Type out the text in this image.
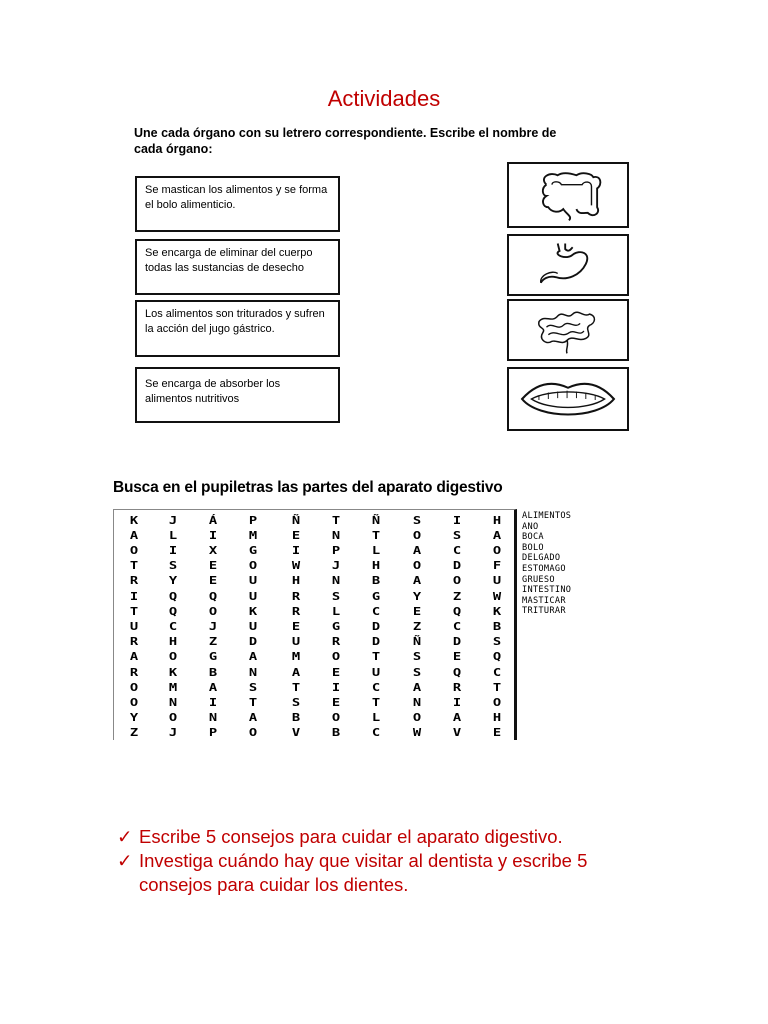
Actividades
Une cada órgano con su letrero correspondiente. Escribe el nombre de cada órgano:
Se mastican los alimentos y se forma el bolo alimenticio.
Se encarga de eliminar del cuerpo todas las sustancias de desecho
Los alimentos son triturados y sufren la acción del jugo gástrico.
Se encarga de absorber los alimentos nutritivos
Busca en el pupiletras las partes del aparato digestivo
K	J	Á	P	Ñ	T	Ñ	S	I	H
A	L	I	M	E	N	T	O	S	A
O	I	X	G	I	P	L	A	C	O
T	S	E	O	W	J	H	O	D	F
R	Y	E	U	H	N	B	A	O	U
I	Q	Q	U	R	S	G	Y	Z	W
T	Q	O	K	R	L	C	E	Q	K
U	C	J	U	E	G	D	Z	C	B
R	H	Z	D	U	R	D	Ñ	D	S
A	O	G	A	M	O	T	S	E	Q
R	K	B	N	A	E	U	S	Q	C
O	M	A	S	T	I	C	A	R	T
O	N	I	T	S	E	T	N	I	O
Y	O	N	A	B	O	L	O	A	H
Z	J	P	O	V	B	C	W	V	E
ALIMENTOS
ANO
BOCA
BOLO
DELGADO
ESTOMAGO
GRUESO
INTESTINO
MASTICAR
TRITURAR
✓ Escribe 5 consejos para cuidar el aparato digestivo.
✓ Investiga cuándo hay que visitar al dentista y escribe 5
consejos para cuidar los dientes.
